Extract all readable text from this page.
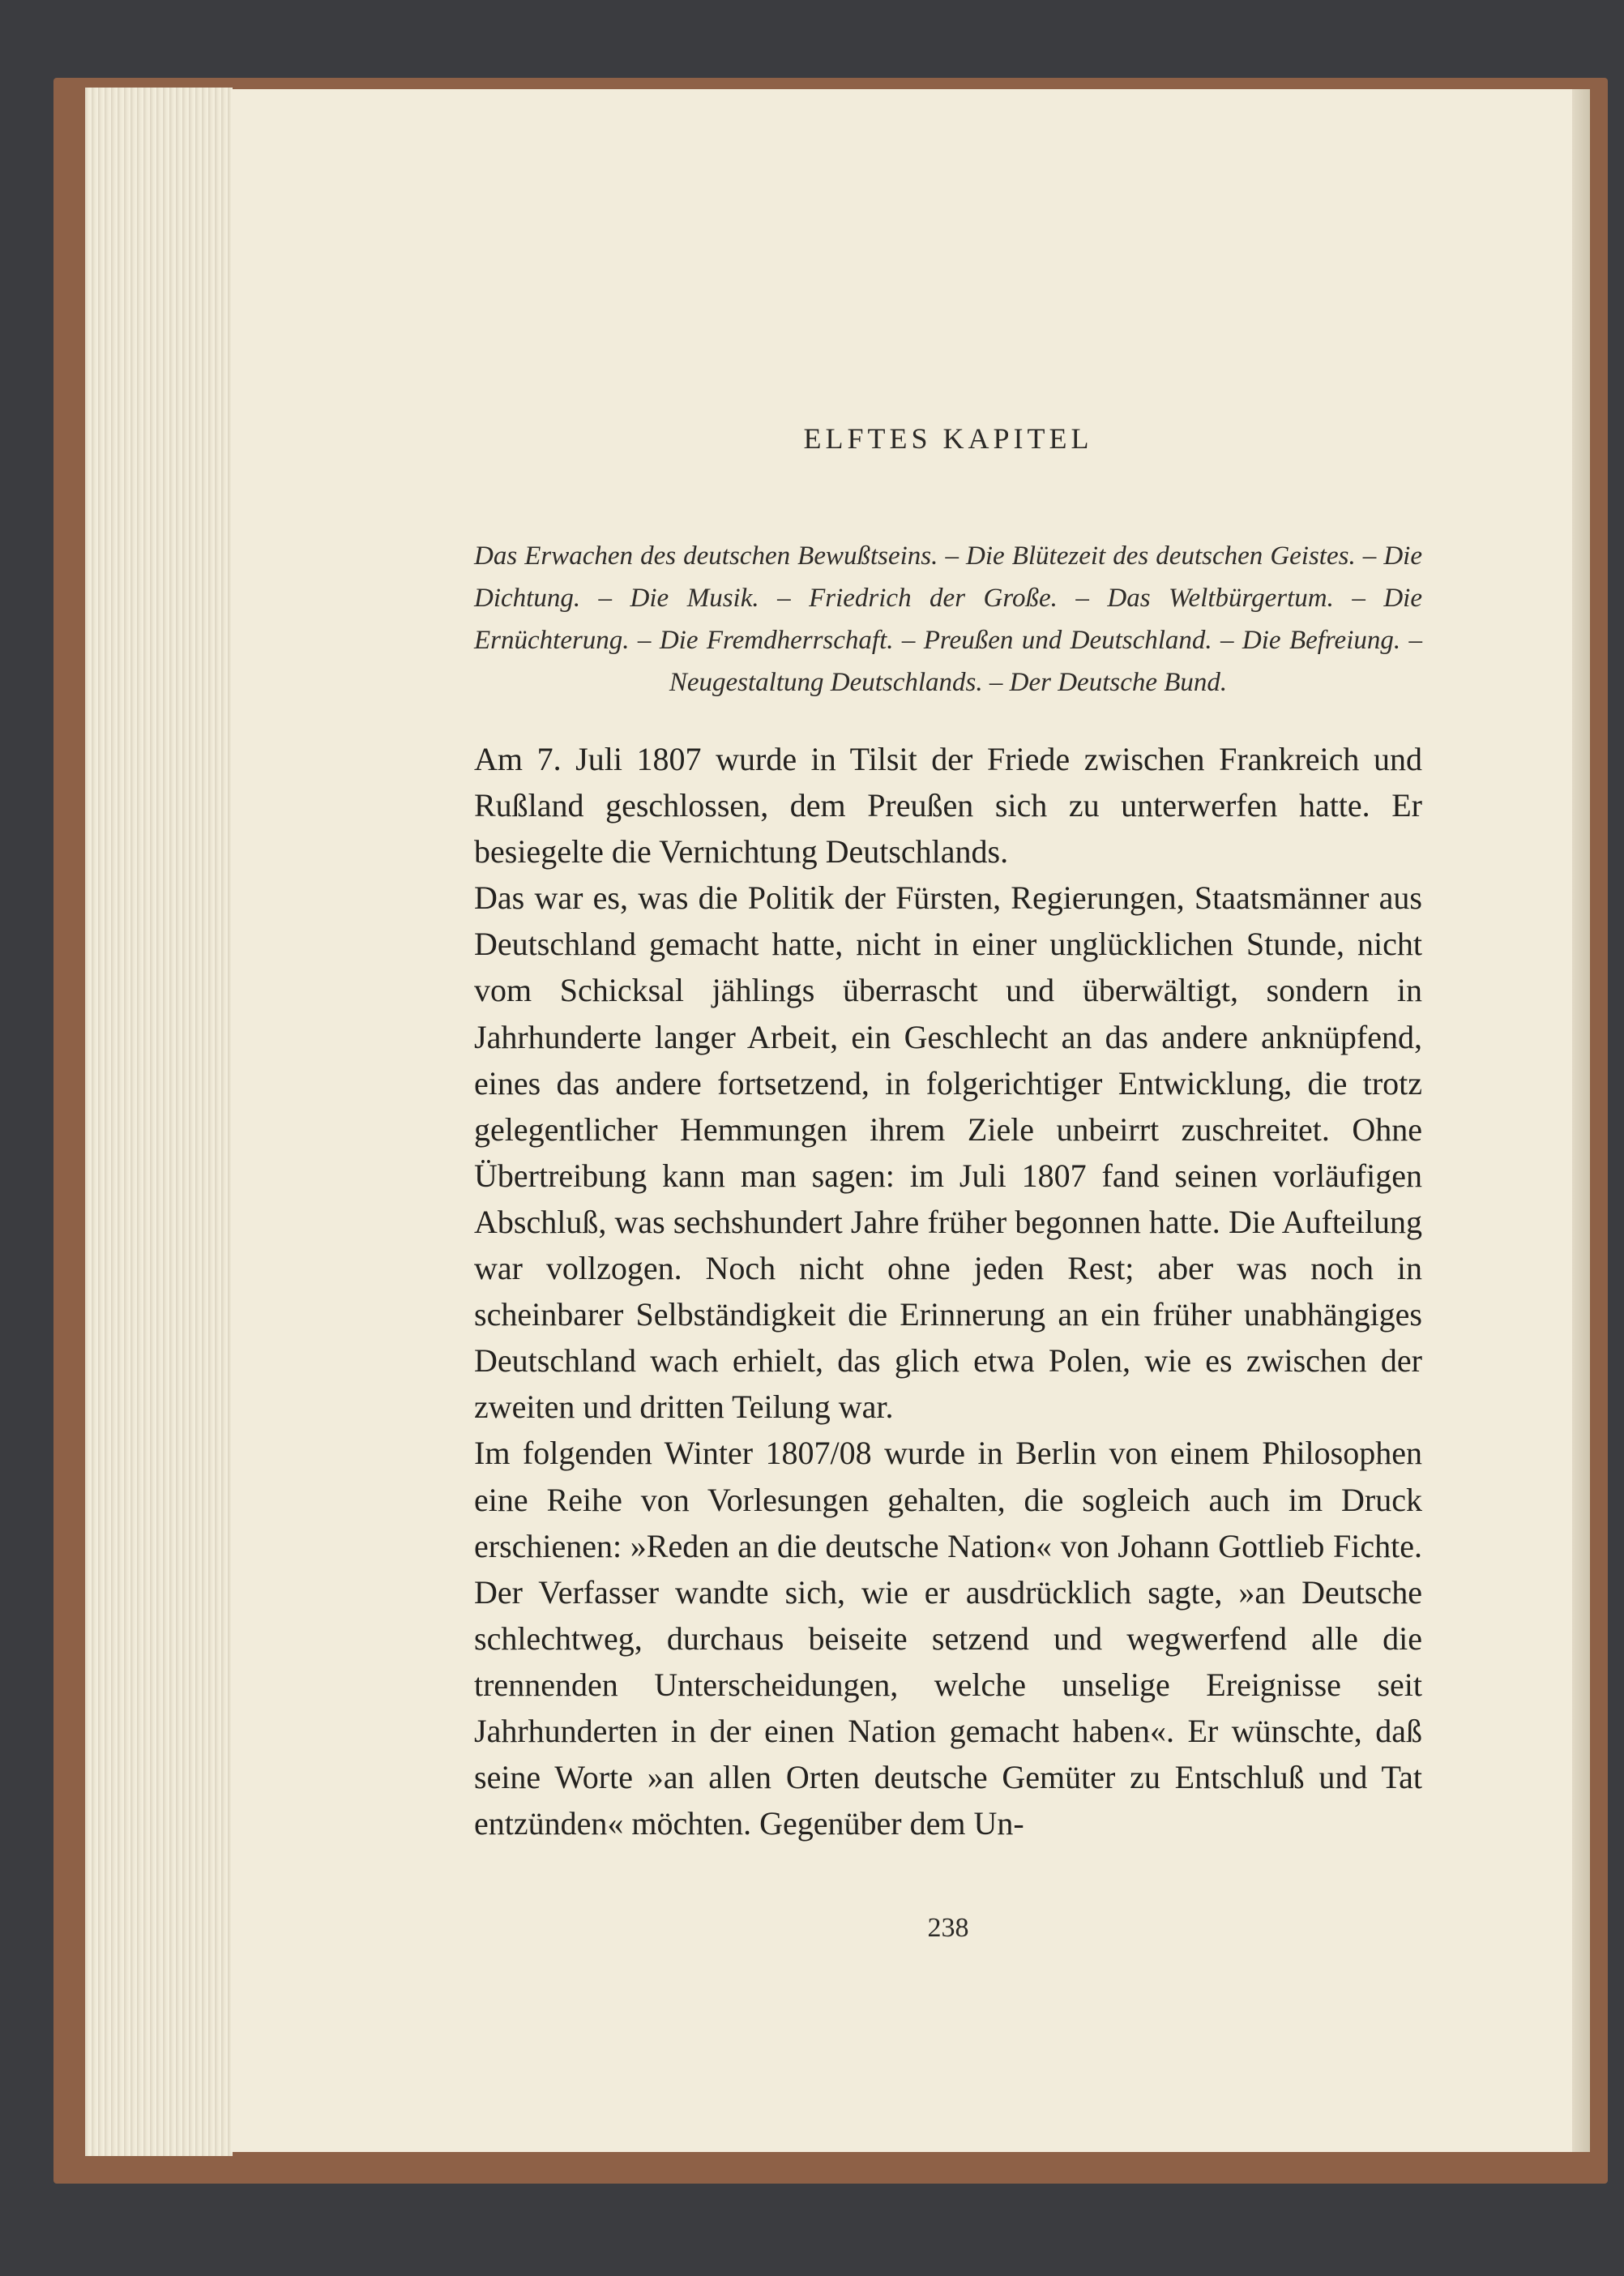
ELFTES KAPITEL
Das Erwachen des deutschen Bewußtseins. – Die Blütezeit des deutschen Geistes. – Die Dichtung. – Die Musik. – Friedrich der Große. – Das Weltbürgertum. – Die Ernüchterung. – Die Fremdherrschaft. – Preußen und Deutschland. – Die Befreiung. – Neugestaltung Deutschlands. – Der Deutsche Bund.

Am 7. Juli 1807 wurde in Tilsit der Friede zwischen Frankreich und Rußland geschlossen, dem Preußen sich zu unterwerfen hatte. Er besiegelte die Vernichtung Deutschlands.

Das war es, was die Politik der Fürsten, Regierungen, Staatsmänner aus Deutschland gemacht hatte, nicht in einer unglücklichen Stunde, nicht vom Schicksal jählings überrascht und überwältigt, sondern in Jahrhunderte langer Arbeit, ein Geschlecht an das andere anknüpfend, eines das andere fortsetzend, in folgerichtiger Entwicklung, die trotz gelegentlicher Hemmungen ihrem Ziele unbeirrt zuschreitet. Ohne Übertreibung kann man sagen: im Juli 1807 fand seinen vorläufigen Abschluß, was sechshundert Jahre früher begonnen hatte. Die Aufteilung war vollzogen. Noch nicht ohne jeden Rest; aber was noch in scheinbarer Selbständigkeit die Erinnerung an ein früher unabhängiges Deutschland wach erhielt, das glich etwa Polen, wie es zwischen der zweiten und dritten Teilung war.

Im folgenden Winter 1807/08 wurde in Berlin von einem Philosophen eine Reihe von Vorlesungen gehalten, die sogleich auch im Druck erschienen: »Reden an die deutsche Nation« von Johann Gottlieb Fichte. Der Verfasser wandte sich, wie er ausdrücklich sagte, »an Deutsche schlechtweg, durchaus beiseite setzend und wegwerfend alle die trennenden Unterscheidungen, welche unselige Ereignisse seit Jahrhunderten in der einen Nation gemacht haben«. Er wünschte, daß seine Worte »an allen Orten deutsche Gemüter zu Entschluß und Tat entzünden« möchten. Gegenüber dem Un-

238
